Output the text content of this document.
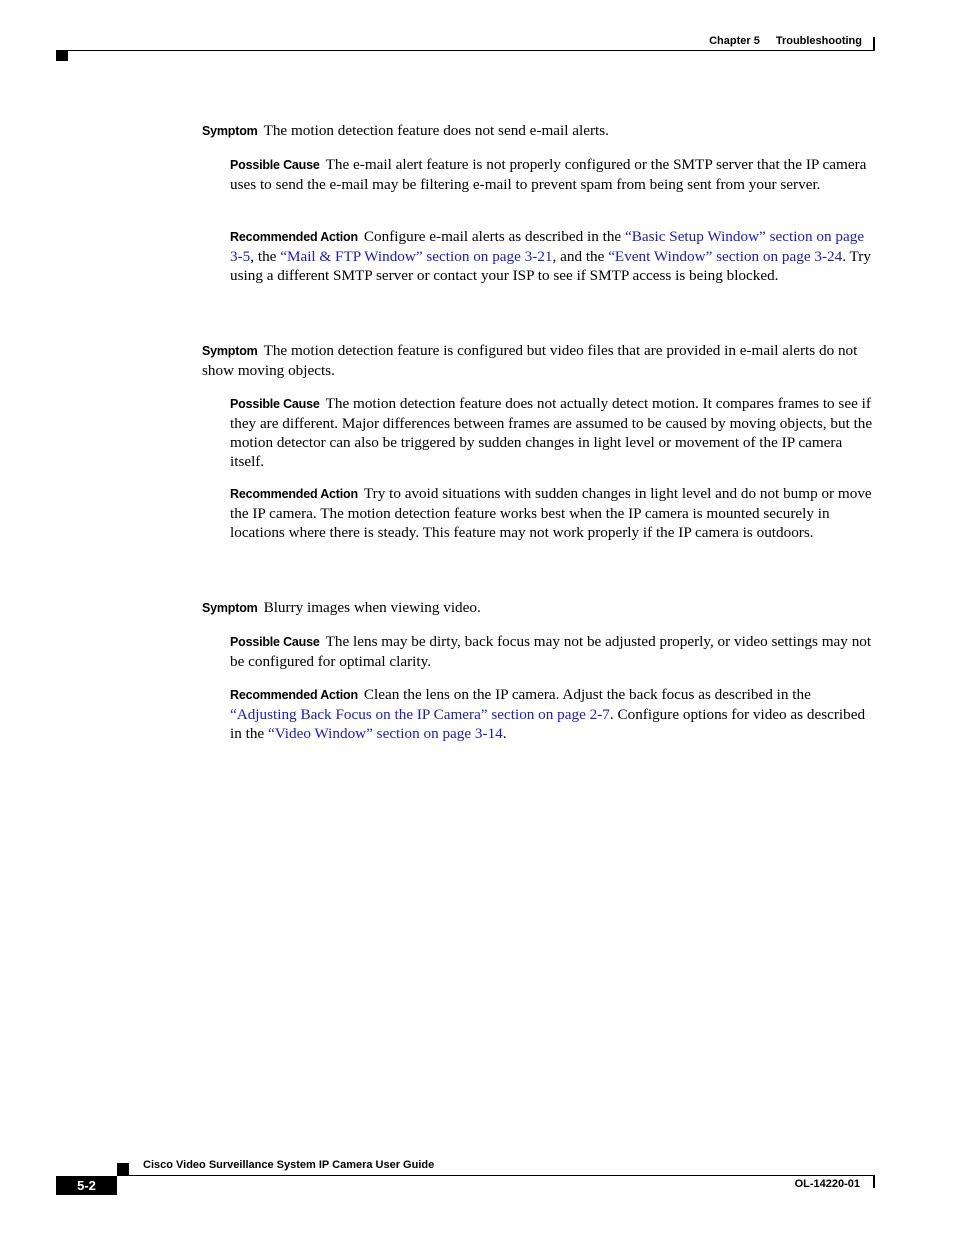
Chapter 5 Troubleshooting
Symptom The motion detection feature does not send e-mail alerts.
Possible Cause The e-mail alert feature is not properly configured or the SMTP server that the IP camera uses to send the e-mail may be filtering e-mail to prevent spam from being sent from your server.
Recommended Action Configure e-mail alerts as described in the “Basic Setup Window” section on page 3-5, the “Mail & FTP Window” section on page 3-21, and the “Event Window” section on page 3-24. Try using a different SMTP server or contact your ISP to see if SMTP access is being blocked.
Symptom The motion detection feature is configured but video files that are provided in e-mail alerts do not show moving objects.
Possible Cause The motion detection feature does not actually detect motion. It compares frames to see if they are different. Major differences between frames are assumed to be caused by moving objects, but the motion detector can also be triggered by sudden changes in light level or movement of the IP camera itself.
Recommended Action Try to avoid situations with sudden changes in light level and do not bump or move the IP camera. The motion detection feature works best when the IP camera is mounted securely in locations where there is steady. This feature may not work properly if the IP camera is outdoors.
Symptom Blurry images when viewing video.
Possible Cause The lens may be dirty, back focus may not be adjusted properly, or video settings may not be configured for optimal clarity.
Recommended Action Clean the lens on the IP camera. Adjust the back focus as described in the “Adjusting Back Focus on the IP Camera” section on page 2-7. Configure options for video as described in the “Video Window” section on page 3-14.
Cisco Video Surveillance System IP Camera User Guide
5-2	OL-14220-01
